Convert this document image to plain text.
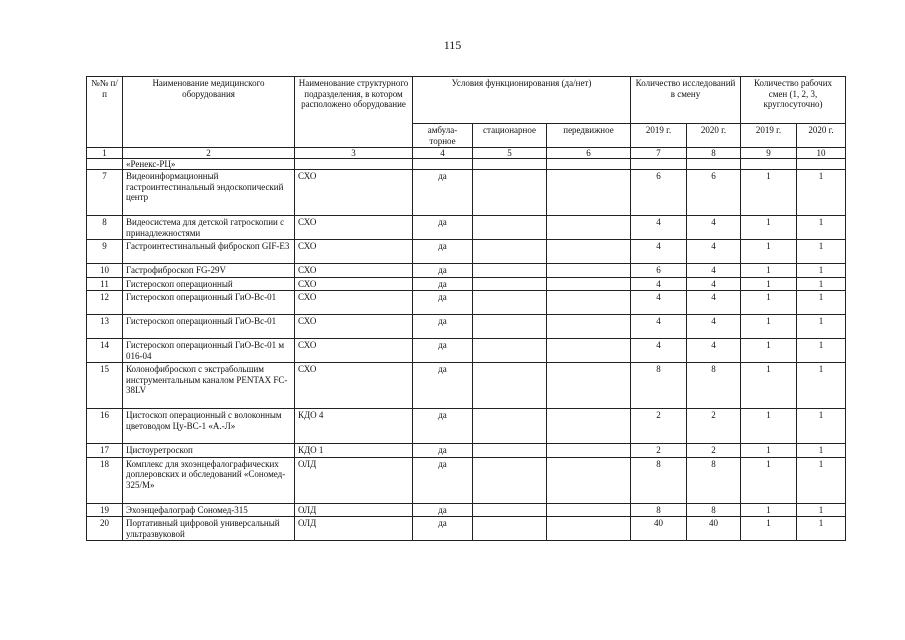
115
№№ п/п	Наименование медицинского оборудования	Наименование структурного подразделения, в котором расположено оборудование	Условия функционирования (да/нет)			Количество исследований в смену		Количество рабочих смен (1, 2, 3, круглосуточно)	
			амбула-торное	стационарное	передвижное	2019 г.	2020 г.	2019 г.	2020 г.
1	2	3	4	5	6	7	8	9	10
	«Ренекс-РЦ»								
7	Видеоинформационный гастроинтестинальный эндоскопический центр	СХО	да			6	6	1	1
8	Видеосистема для детской гатроскопии с принадлежностями	СХО	да			4	4	1	1
9	Гастроинтестинальный фиброскоп GIF-E3	СХО	да			4	4	1	1
10	Гастрофиброскоп FG-29V	СХО	да			6	4	1	1
11	Гистероскоп операционный	СХО	да			4	4	1	1
12	Гистероскоп операционный ГиО-Вс-01	СХО	да			4	4	1	1
13	Гистероскоп операционный ГиО-Вс-01	СХО	да			4	4	1	1
14	Гистероскоп операционный ГиО-Вс-01 м 016-04	СХО	да			4	4	1	1
15	Колонофиброскоп с экстрабольшим инструментальным каналом PENTAX FC-38LV	СХО	да			8	8	1	1
16	Цистоскоп операционный с волоконным цветоводом Цу-ВС-1 «А.-Л»	КДО 4	да			2	2	1	1
17	Цистоуретроскоп	КДО 1	да			2	2	1	1
18	Комплекс для эхоэнцефалографических доплеровских и обследований «Сономед- 325/М»	ОЛД	да			8	8	1	1
19	Эхоэнцефалограф Сономед-315	ОЛД	да			8	8	1	1
20	Портативный цифровой универсальный ультразвуковой	ОЛД	да			40	40	1	1
